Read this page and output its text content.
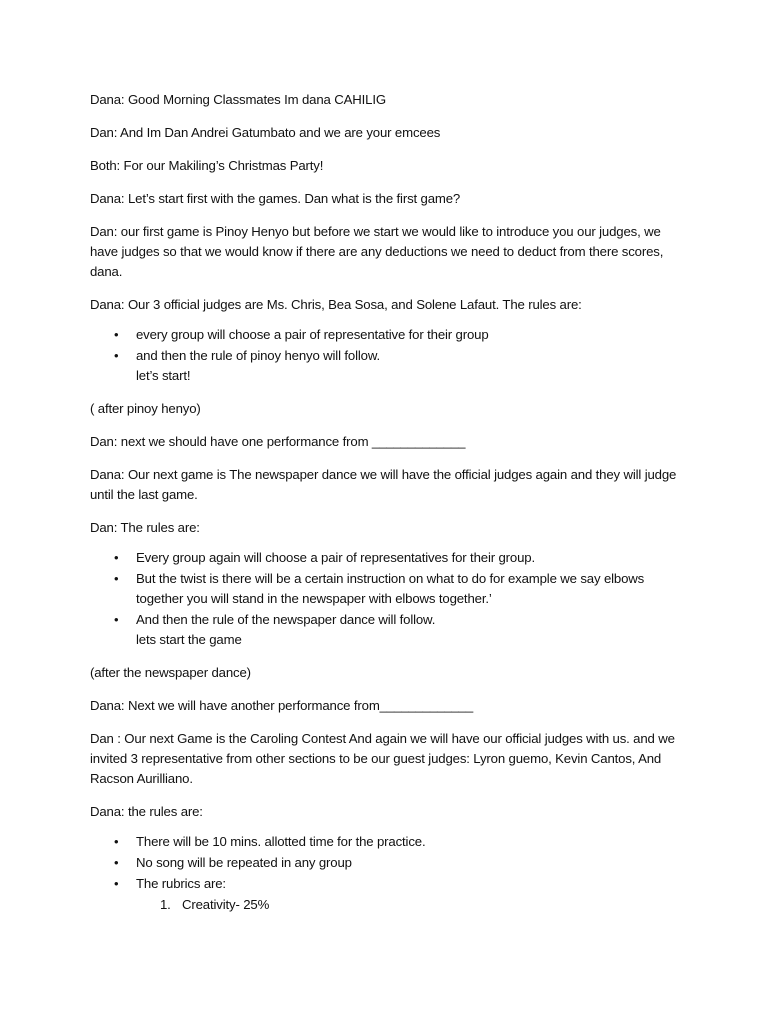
Dana: Good Morning Classmates Im dana CAHILIG

Dan: And Im Dan Andrei Gatumbato and we are your emcees

Both: For our Makiling’s Christmas Party!

Dana: Let’s start first with the games. Dan what is the first game?

Dan: our first game is Pinoy Henyo but before we start we would like to introduce you our judges, we have judges so that we would know if there are any deductions we need to deduct from there scores, dana.

Dana: Our 3 official judges are Ms. Chris, Bea Sosa, and Solene Lafaut. The rules are:

• every group will choose a pair of representative for their group
• and then the rule of pinoy henyo will follow.
let’s start!

( after pinoy henyo)

Dan: next we should have one performance from _____________

Dana: Our next game is The newspaper dance we will have the official judges again and they will judge until the last game.

Dan: The rules are:

• Every group again will choose a pair of representatives for their group.
• But the twist is there will be a certain instruction on what to do for example we say elbows together you will stand in the newspaper with elbows together.’
• And then the rule of the newspaper dance will follow.
lets start the game

(after the newspaper dance)

Dana: Next we will have another performance from_____________

Dan : Our next Game is the Caroling Contest And again we will have our official judges with us. and we invited 3 representative from other sections to be our guest judges: Lyron guemo, Kevin Cantos, And Racson Aurilliano.

Dana: the rules are:

• There will be 10 mins. allotted time for the practice.
• No song will be repeated in any group
• The rubrics are:
1. Creativity- 25%
